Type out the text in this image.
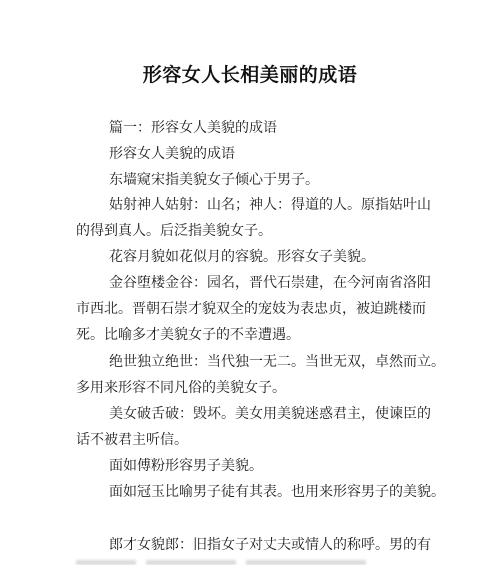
形容女人长相美丽的成语
篇一：形容女人美貌的成语
形容女人美貌的成语
东墙窥宋指美貌女子倾心于男子。
姑射神人姑射：山名；神人：得道的人。原指姑叶山
的得到真人。后泛指美貌女子。
花容月貌如花似月的容貌。形容女子美貌。
金谷堕楼金谷：园名，晋代石崇建，在今河南省洛阳
市西北。晋朝石崇才貌双全的宠妓为表忠贞，被迫跳楼而
死。比喻多才美貌女子的不幸遭遇。
绝世独立绝世：当代独一无二。当世无双，卓然而立。
多用来形容不同凡俗的美貌女子。
美女破舌破：毁坏。美女用美貌迷惑君主，使谏臣的
话不被君主听信。
面如傅粉形容男子美貌。
面如冠玉比喻男子徒有其表。也用来形容男子的美貌。
郎才女貌郎：旧指女子对丈夫或情人的称呼。男的有
